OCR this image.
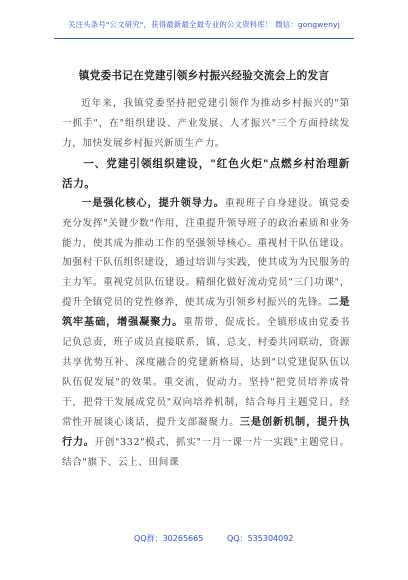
关注头条号"公文研究"，获得最新最全最专业的公文资料库！ 微信：gongwenyj
镇党委书记在党建引领乡村振兴经验交流会上的发言

近年来，我镇党委坚持把党建引领作为推动乡村振兴的"第一抓手"，在"组织建设、产业发展、人才振兴"三个方面持续发力，加快发展乡村振兴新质生产力。

一、党建引领组织建设，"红色火炬"点燃乡村治理新活力。

一是强化核心，提升领导力。重视班子自身建设。镇党委充分发挥"关键少数"作用，注重提升领导班子的政治素质和业务能力，使其成为推动工作的坚强领导核心。重视村干队伍建设。加强村干队伍组织建设，通过培训与实践，使其成为为民服务的主力军。重视党员队伍建设。精细化做好流动党员"三门功课"，提升全镇党员的党性修养，使其成为引领乡村振兴的先锋。二是筑牢基础，增强凝聚力。重帮带，促成长。全镇形成由党委书记负总责，班子成员直接联系，镇、总支、村委共同联动，资源共享优势互补、深度融合的党建新格局，达到"以党建促队伍以队伍促发展"的效果。重交流，促动力。坚持"把党员培养成骨干，把骨干发展成党员"双向培养机制，结合每月主题党日，经常性开展谈心谈话，提升支部凝聚力。三是创新机制，提升执行力。开创"332"模式，抓实"一月一课一片一实践"主题党日。结合"旗下、云上、田间课

QQ群：30265665	QQ：535304092
